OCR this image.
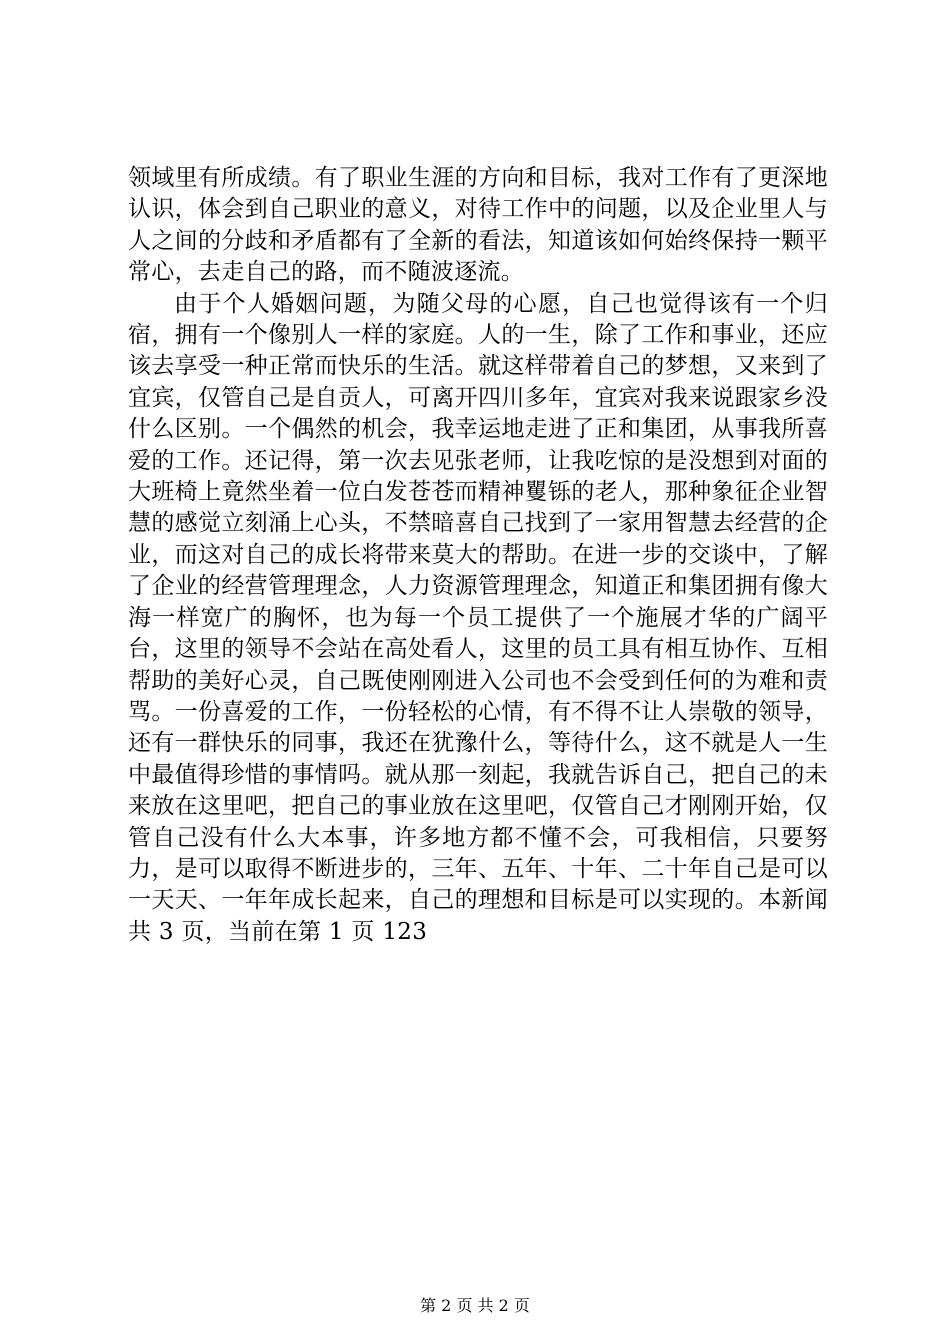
领域里有所成绩。有了职业生涯的方向和目标，我对工作有了更深地认识，体会到自己职业的意义，对待工作中的问题，以及企业里人与人之间的分歧和矛盾都有了全新的看法，知道该如何始终保持一颗平常心，去走自己的路，而不随波逐流。

由于个人婚姻问题，为随父母的心愿，自己也觉得该有一个归宿，拥有一个像别人一样的家庭。人的一生，除了工作和事业，还应该去享受一种正常而快乐的生活。就这样带着自己的梦想，又来到了宜宾，仅管自己是自贡人，可离开四川多年，宜宾对我来说跟家乡没什么区别。一个偶然的机会，我幸运地走进了正和集团，从事我所喜爱的工作。还记得，第一次去见张老师，让我吃惊的是没想到对面的大班椅上竟然坐着一位白发苍苍而精神矍铄的老人，那种象征企业智慧的感觉立刻涌上心头，不禁暗喜自己找到了一家用智慧去经营的企业，而这对自己的成长将带来莫大的帮助。在进一步的交谈中，了解了企业的经营管理理念，人力资源管理理念，知道正和集团拥有像大海一样宽广的胸怀，也为每一个员工提供了一个施展才华的广阔平台，这里的领导不会站在高处看人，这里的员工具有相互协作、互相帮助的美好心灵，自己既使刚刚进入公司也不会受到任何的为难和责骂。一份喜爱的工作，一份轻松的心情，有不得不让人崇敬的领导，还有一群快乐的同事，我还在犹豫什么，等待什么，这不就是人一生中最值得珍惜的事情吗。就从那一刻起，我就告诉自己，把自己的未来放在这里吧，把自己的事业放在这里吧，仅管自己才刚刚开始，仅管自己没有什么大本事，许多地方都不懂不会，可我相信，只要努力，是可以取得不断进步的，三年、五年、十年、二十年自己是可以一天天、一年年成长起来，自己的理想和目标是可以实现的。本新闻共 3 页，当前在第 1 页 123

第 2 页 共 2 页
